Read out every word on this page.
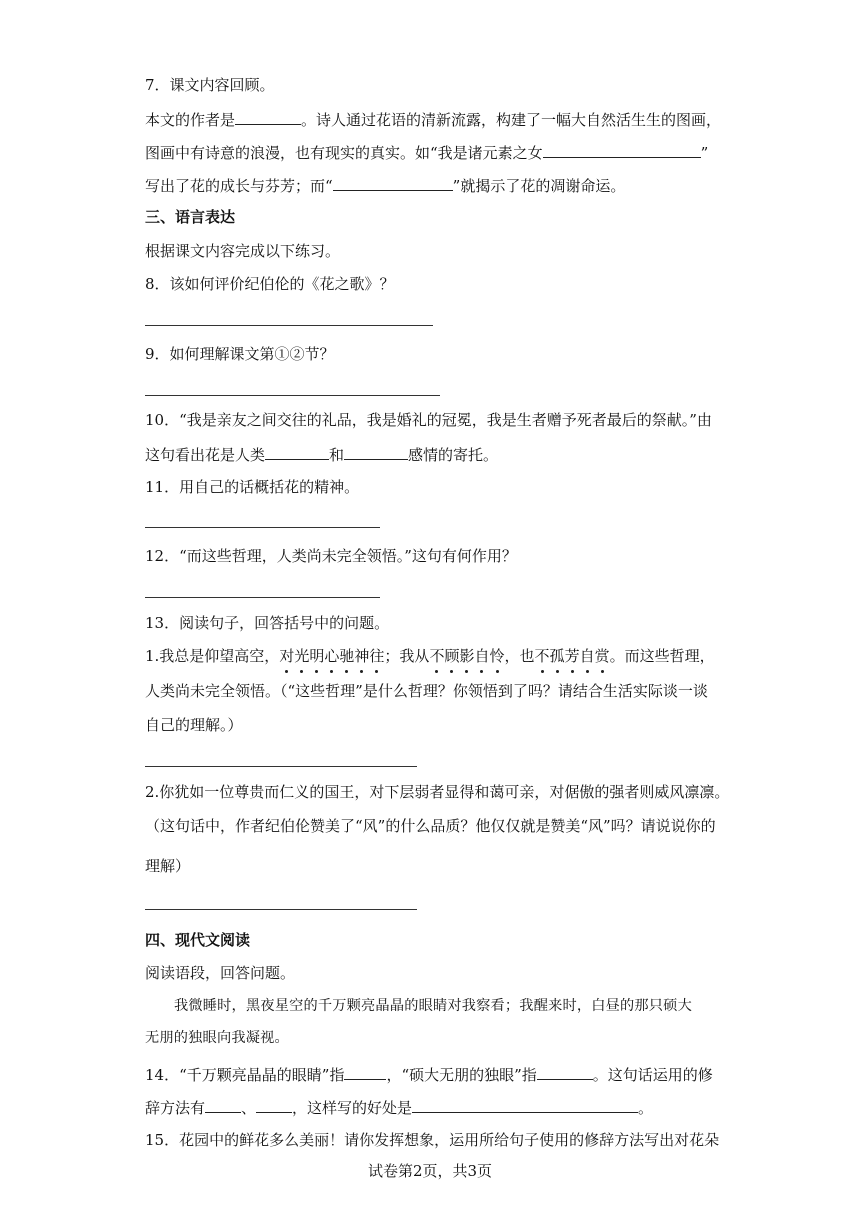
7．课文内容回顾。
本文的作者是	。诗人通过花语的清新流露，构建了一幅大自然活生生的图画，
图画中有诗意的浪漫，也有现实的真实。如“我是诸元素之女	”
写出了花的成长与芬芳；而“	”就揭示了花的凋谢命运。
三、语言表达
根据课文内容完成以下练习。
8．该如何评价纪伯伦的《花之歌》？
9．如何理解课文第①②节？
10．“我是亲友之间交往的礼品，我是婚礼的冠冕，我是生者赠予死者最后的祭献。”由
这句看出花是人类	和	感情的寄托。
11．用自己的话概括花的精神。
12．“而这些哲理，人类尚未完全领悟。”这句有何作用？
13．阅读句子，回答括号中的问题。
1.我总是仰望高空，对光明心驰神往；我从不顾影自怜，也不孤芳自赏。而这些哲理，
人类尚未完全领悟。（“这些哲理”是什么哲理？你领悟到了吗？请结合生活实际谈一谈
自己的理解。）
2.你犹如一位尊贵而仁义的国王，对下层弱者显得和蔼可亲，对倨傲的强者则威风凛凛。
（这句话中，作者纪伯伦赞美了“风”的什么品质？他仅仅就是赞美“风”吗？请说说你的
理解）
四、现代文阅读
阅读语段，回答问题。
我微睡时，黑夜星空的千万颗亮晶晶的眼睛对我察看；我醒来时，白昼的那只硕大
无朋的独眼向我凝视。
14．“千万颗亮晶晶的眼睛”指	，“硕大无朋的独眼”指	。这句话运用的修
辞方法有 、 ，这样写的好处是	。
15．花园中的鲜花多么美丽！请你发挥想象，运用所给句子使用的修辞方法写出对花朵
试卷第2页，共3页
